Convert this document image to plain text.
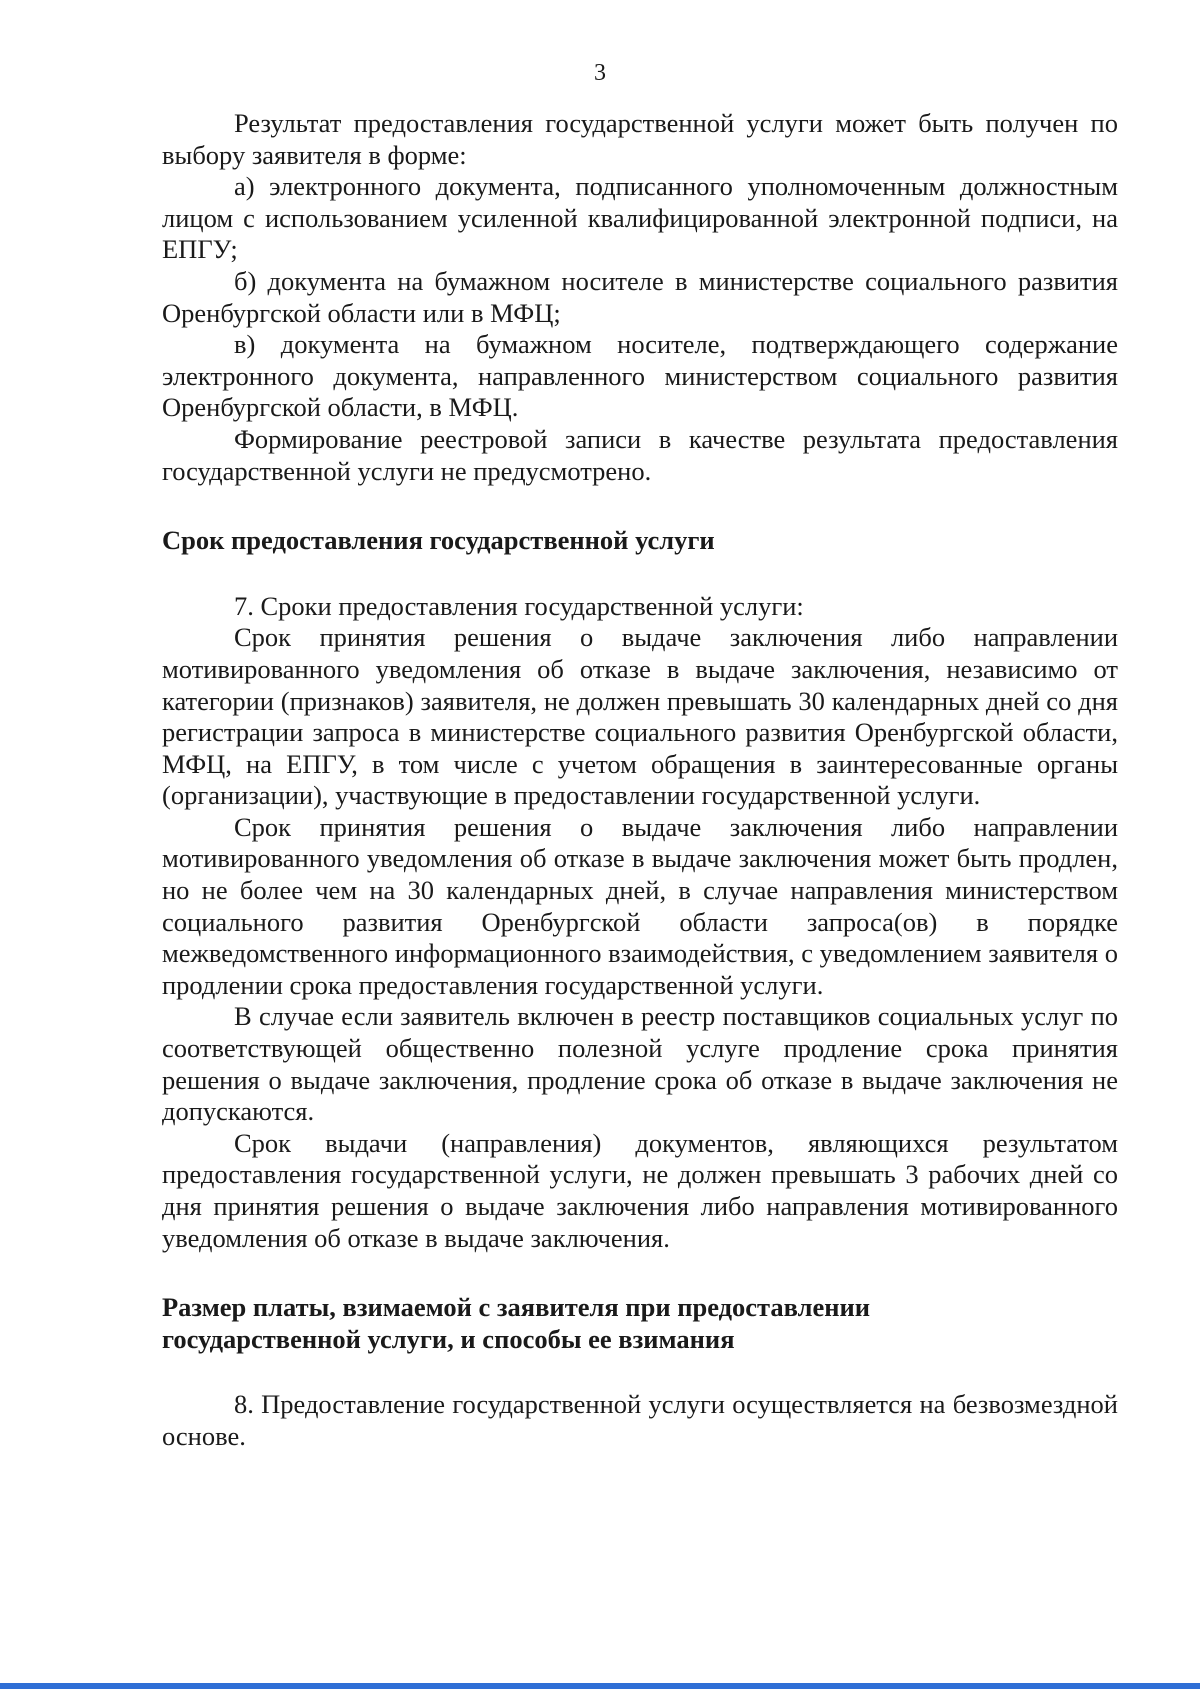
3

Результат предоставления государственной услуги может быть получен по выбору заявителя в форме:

а) электронного документа, подписанного уполномоченным должностным лицом с использованием усиленной квалифицированной электронной подписи, на ЕПГУ;

б) документа на бумажном носителе в министерстве социального развития Оренбургской области или в МФЦ;

в) документа на бумажном носителе, подтверждающего содержание электронного документа, направленного министерством социального развития Оренбургской области, в МФЦ.

Формирование реестровой записи в качестве результата предоставления государственной услуги не предусмотрено.

Срок предоставления государственной услуги

7. Сроки предоставления государственной услуги:

Срок принятия решения о выдаче заключения либо направлении мотивированного уведомления об отказе в выдаче заключения, независимо от категории (признаков) заявителя, не должен превышать 30 календарных дней со дня регистрации запроса в министерстве социального развития Оренбургской области, МФЦ, на ЕПГУ, в том числе с учетом обращения в заинтересованные органы (организации), участвующие в предоставлении государственной услуги.

Срок принятия решения о выдаче заключения либо направлении мотивированного уведомления об отказе в выдаче заключения может быть продлен, но не более чем на 30 календарных дней, в случае направления министерством социального развития Оренбургской области запроса(ов) в порядке межведомственного информационного взаимодействия, с уведомлением заявителя о продлении срока предоставления государственной услуги.

В случае если заявитель включен в реестр поставщиков социальных услуг по соответствующей общественно полезной услуге продление срока принятия решения о выдаче заключения, продление срока об отказе в выдаче заключения не допускаются.

Срок выдачи (направления) документов, являющихся результатом предоставления государственной услуги, не должен превышать 3 рабочих дней со дня принятия решения о выдаче заключения либо направления мотивированного уведомления об отказе в выдаче заключения.

Размер платы, взимаемой с заявителя при предоставлении

государственной услуги, и способы ее взимания

8. Предоставление государственной услуги осуществляется на безвозмездной основе.
